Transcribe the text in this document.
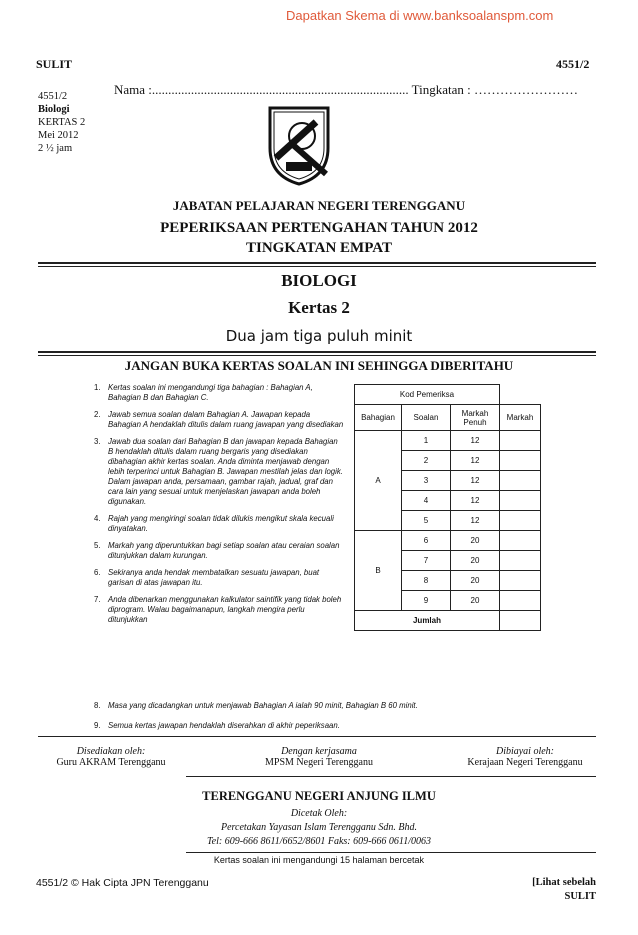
Dapatkan Skema di www.banksoalanspm.com
SULIT	4551/2
4551/2
Biologi
KERTAS 2
Mei 2012
2 ½ jam
Nama :............................................................................... Tingkatan : ……………………
JABATAN PELAJARAN NEGERI TERENGGANU
PEPERIKSAAN PERTENGAHAN TAHUN 2012
TINGKATAN EMPAT
BIOLOGI
Kertas 2
Dua jam tiga puluh minit
JANGAN BUKA KERTAS SOALAN INI SEHINGGA DIBERITAHU
1. Kertas soalan ini mengandungi tiga bahagian : Bahagian A, Bahagian B dan Bahagian C.
2. Jawab semua soalan dalam Bahagian A. Jawapan kepada Bahagian A hendaklah ditulis dalam ruang jawapan yang disediakan
3. Jawab dua soalan dari Bahagian B dan jawapan kepada Bahagian B hendaklah ditulis dalam ruang bergaris yang disediakan dibahagian akhir kertas soalan. Anda diminta menjawab dengan lebih terperinci untuk Bahagian B. Jawapan mestilah jelas dan logik. Dalam jawapan anda, persamaan, gambar rajah, jadual, graf dan cara lain yang sesuai untuk menjelaskan jawapan anda boleh digunakan.
4. Rajah yang mengiringi soalan tidak dilukis mengikut skala kecuali dinyatakan.
5. Markah yang diperuntukkan bagi setiap soalan atau ceraian soalan ditunjukkan dalam kurungan.
6. Sekiranya anda hendak membatalkan sesuatu jawapan, buat garisan di atas jawapan itu.
7. Anda dibenarkan menggunakan kalkulator saintifik yang tidak boleh diprogram. Walau bagaimanapun, langkah mengira perlu ditunjukkan
Kod Pemeriksa			
Bahagian	Soalan	Markah Penuh	Markah
A	1	12	
	2	12	
	3	12	
	4	12	
	5	12	
B	6	20	
	7	20	
	8	20	
	9	20	
Jumlah			
8. Masa yang dicadangkan untuk menjawab Bahagian A ialah 90 minit, Bahagian B 60 minit.
9. Semua kertas jawapan hendaklah diserahkan di akhir peperiksaan.
Disediakan oleh:
Guru AKRAM Terengganu
Dengan kerjasama
MPSM Negeri Terengganu
Dibiayai oleh:
Kerajaan Negeri Terengganu
TERENGGANU NEGERI ANJUNG ILMU
Dicetak Oleh:
Percetakan Yayasan Islam Terengganu Sdn. Bhd.
Tel: 609-666 8611/6652/8601 Faks: 609-666 0611/0063
Kertas soalan ini mengandungi 15 halaman bercetak
4551/2 © Hak Cipta JPN Terengganu	[Lihat sebelah
SULIT
